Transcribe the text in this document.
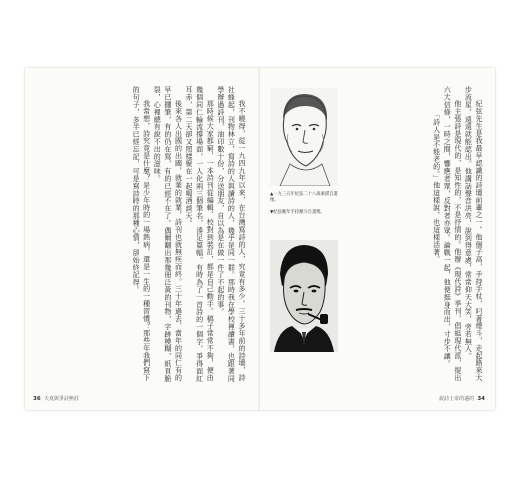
我不曉得，從一九四九年以來，在台灣寫詩的人，究竟有多少。三十多年前的詩壇，詩社蜂起，刊物林立，寫詩的人與讀詩的人，幾乎是同一群。那時我在學校裡讀書，也跟著同學辦過詩刊，油印數十份，分送朋友，自以為是在做一件了不起的事。

那時候大家都窮，一本詩刊從編輯、校對到裝訂，都是自己動手。稿子常常不夠，便由幾個同仁輪流撐場面，一人化兩三個筆名，湊足篇幅。有時為了一首詩的一個字，爭得面紅耳赤，第二天卻又照樣聚在一起喝酒談天。

後來各人出國的出國，就業的就業，詩刊也就無疾而終。三十年過去，當年的同仁有的早已擱筆，有的仍在寫，有的已經不在了。偶爾翻出那幾冊泛黃的刊物，字跡模糊，紙頁脆裂，心裡總有說不出的滋味。

我常想，詩究竟是什麼？是少年時的一場熱病，還是一生的一種習慣？那些年我們寫下的句子，多半已經忘記，可是寫詩時的那種心情，卻始終記得。

36 天真與爭詩無涯

紀弦先生是我最早認識的詩壇前輩之一。他個子高，手持手杖，叼著煙斗，走起路來大步流星，遠遠就能認出。他講話聲音洪亮，說到得意處，常常仰天大笑，旁若無人。

他主張詩是現代的，是知性的，不是抒情的。他辦《現代詩》季刊，倡組現代派，提出六大信條，一時之間，響應者眾，反對者亦眾。論戰一起，他便挺身而出，寸步不讓。

「詩人是不能老的。」他這樣說，也這樣活著。

▲一九三五年紀弦二十八歲素描自畫像。
▼紀弦晚年手持煙斗自畫像。
說詩上帝的遠的 34
